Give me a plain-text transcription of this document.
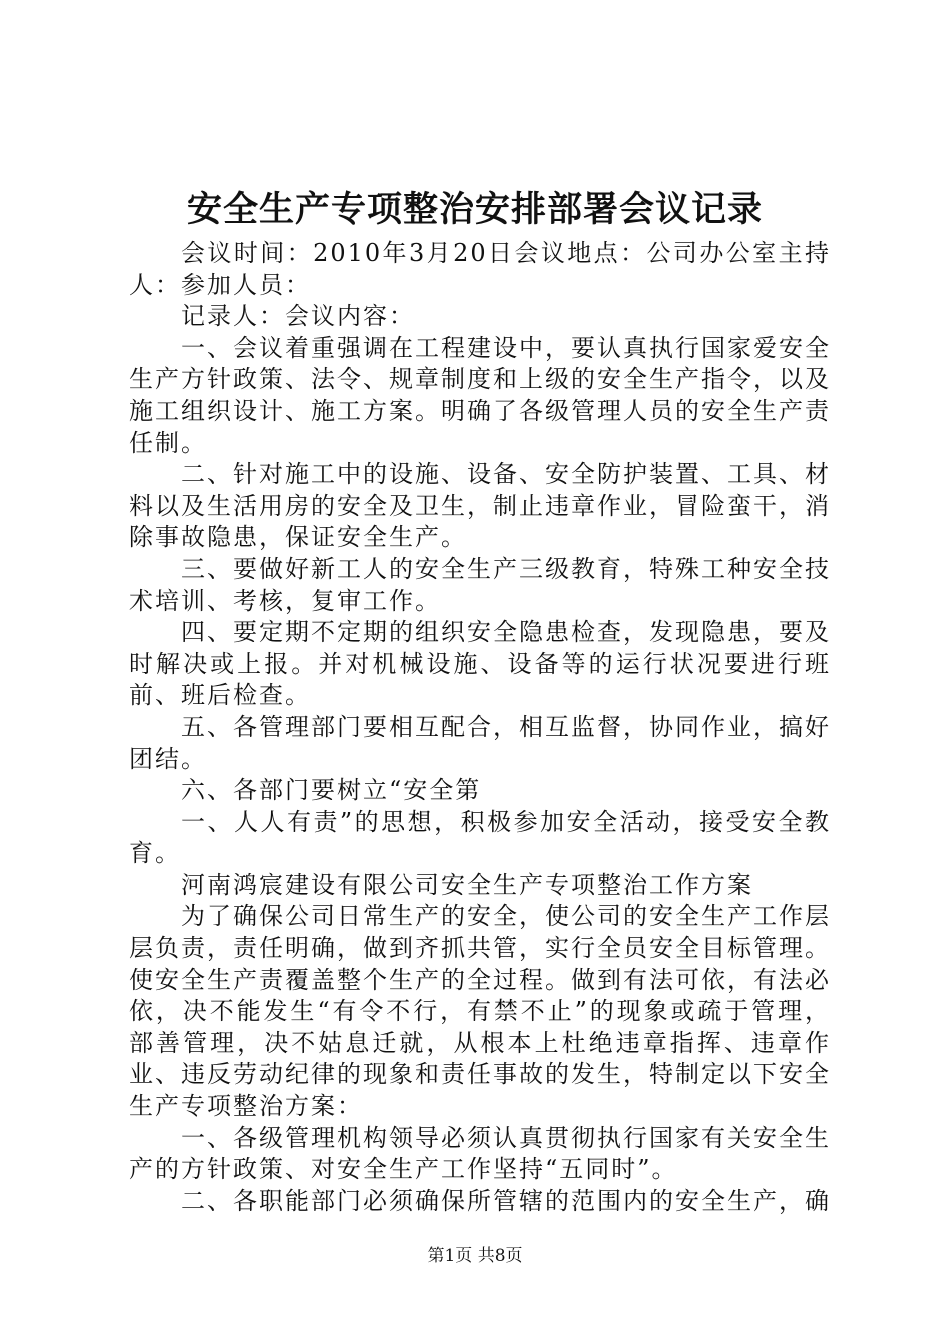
安全生产专项整治安排部署会议记录

会议时间：2010年3月20日会议地点：公司办公室主持人：参加人员：

记录人：会议内容：

一、会议着重强调在工程建设中，要认真执行国家爱安全生产方针政策、法令、规章制度和上级的安全生产指令，以及施工组织设计、施工方案。明确了各级管理人员的安全生产责任制。

二、针对施工中的设施、设备、安全防护装置、工具、材料以及生活用房的安全及卫生，制止违章作业，冒险蛮干，消除事故隐患，保证安全生产。

三、要做好新工人的安全生产三级教育，特殊工种安全技术培训、考核，复审工作。

四、要定期不定期的组织安全隐患检查，发现隐患，要及时解决或上报。并对机械设施、设备等的运行状况要进行班前、班后检查。

五、各管理部门要相互配合，相互监督，协同作业，搞好团结。

六、各部门要树立“安全第

一、人人有责”的思想，积极参加安全活动，接受安全教育。

河南鸿宸建设有限公司安全生产专项整治工作方案

为了确保公司日常生产的安全，使公司的安全生产工作层层负责，责任明确，做到齐抓共管，实行全员安全目标管理。使安全生产责覆盖整个生产的全过程。做到有法可依，有法必依，决不能发生“有令不行，有禁不止”的现象或疏于管理，部善管理，决不姑息迁就，从根本上杜绝违章指挥、违章作业、违反劳动纪律的现象和责任事故的发生，特制定以下安全生产专项整治方案：

一、各级管理机构领导必须认真贯彻执行国家有关安全生产的方针政策、对安全生产工作坚持“五同时”。

二、各职能部门必须确保所管辖的范围内的安全生产，确

第1页 共8页
